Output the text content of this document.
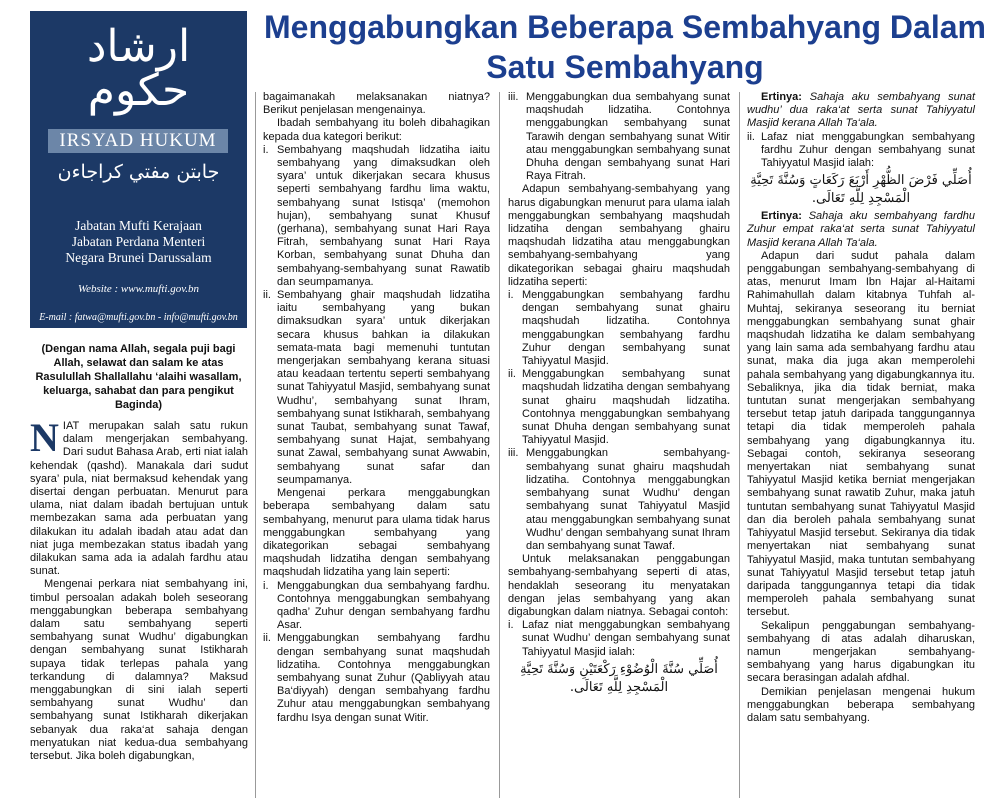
ارشاد حکوم
IRSYAD HUKUM
جابتن مفتي كراجاءن
Jabatan Mufti Kerajaan
Jabatan Perdana Menteri
Negara Brunei Darussalam
Website : www.mufti.gov.bn
E-mail : fatwa@mufti.gov.bn - info@mufti.gov.bn
Menggabungkan Beberapa Sembahyang Dalam Satu Sembahyang
(Dengan nama Allah, segala puji bagi Allah, selawat dan salam ke atas Rasulullah Shallallahu ‘alaihi wasallam, keluarga, sahabat dan para pengikut Baginda)

NIAT merupakan salah satu rukun dalam mengerjakan sembahyang. Dari sudut Bahasa Arab, erti niat ialah kehendak (qashd). Manakala dari sudut syara’ pula, niat bermaksud kehendak yang disertai dengan perbuatan. Menurut para ulama, niat dalam ibadah bertujuan untuk membezakan sama ada perbuatan yang dilakukan itu adalah ibadah atau adat dan niat juga membezakan status ibadah yang dilakukan sama ada ia adalah fardhu atau sunat.

Mengenai perkara niat sembahyang ini, timbul persoalan adakah boleh seseorang menggabungkan beberapa sembahyang dalam satu sembahyang seperti sembahyang sunat Wudhu’ digabungkan dengan sembahyang sunat Istikharah supaya tidak terlepas pahala yang terkandung di dalamnya? Maksud menggabungkan di sini ialah seperti sembahyang sunat Wudhu’ dan sembahyang sunat Istikharah dikerjakan sebanyak dua raka‘at sahaja dengan menyatukan niat kedua-dua sembahyang tersebut. Jika boleh digabungkan,

bagaimanakah melaksanakan niatnya? Berikut penjelasan mengenainya.

Ibadah sembahyang itu boleh dibahagikan kepada dua kategori berikut:

i. Sembahyang maqshudah lidzatiha iaitu sembahyang yang dimaksudkan oleh syara’ untuk dikerjakan secara khusus seperti sembahyang fardhu lima waktu, sembahyang sunat Istisqa’ (memohon hujan), sembahyang sunat Khusuf (gerhana), sembahyang sunat Hari Raya Fitrah, sembahyang sunat Hari Raya Korban, sembahyang sunat Dhuha dan sembahyang-sembahyang sunat Rawatib dan seumpamanya.
ii. Sembahyang ghair maqshudah lidzatiha iaitu sembahyang yang bukan dimaksudkan syara’ untuk dikerjakan secara khusus bahkan ia dilakukan semata-mata bagi memenuhi tuntutan mengerjakan sembahyang kerana situasi atau keadaan tertentu seperti sembahyang sunat Tahiyyatul Masjid, sembahyang sunat Wudhu’, sembahyang sunat Ihram, sembahyang sunat Istikharah, sembahyang sunat Taubat, sembahyang sunat Tawaf, sembahyang sunat Hajat, sembahyang sunat Zawal, sembahyang sunat Awwabin, sembahyang sunat safar dan seumpamanya.

Mengenai perkara menggabungkan beberapa sembahyang dalam satu sembahyang, menurut para ulama tidak harus menggabungkan sembahyang yang dikategorikan sebagai sembahyang maqshudah lidzatiha dengan sembahyang maqshudah lidzatiha yang lain seperti:

i. Menggabungkan dua sembahyang fardhu. Contohnya menggabungkan sembahyang qadha’ Zuhur dengan sembahyang fardhu Asar.
ii. Menggabungkan sembahyang fardhu dengan sembahyang sunat maqshudah lidzatiha. Contohnya menggabungkan sembahyang sunat Zuhur (Qabliyyah atau Ba‘diyyah) dengan sembahyang fardhu Zuhur atau menggabungkan sembahyang fardhu Isya dengan sunat Witir.
iii. Menggabungkan dua sembahyang sunat maqshudah lidzatiha. Contohnya menggabungkan sembahyang sunat Tarawih dengan sembahyang sunat Witir atau menggabungkan sembahyang sunat Dhuha dengan sembahyang sunat Hari Raya Fitrah.

Adapun sembahyang-sembahyang yang harus digabungkan menurut para ulama ialah menggabungkan sembahyang maqshudah lidzatiha dengan sembahyang ghairu maqshudah lidzatiha atau menggabungkan sembahyang-sembahyang yang dikategorikan sebagai ghairu maqshudah lidzatiha seperti:

i. Menggabungkan sembahyang fardhu dengan sembahyang sunat ghairu maqshudah lidzatiha. Contohnya menggabungkan sembahyang fardhu Zuhur dengan sembahyang sunat Tahiyyatul Masjid.
ii. Menggabungkan sembahyang sunat maqshudah lidzatiha dengan sembahyang sunat ghairu maqshudah lidzatiha. Contohnya menggabungkan sembahyang sunat Dhuha dengan sembahyang sunat Tahiyyatul Masjid.
iii. Menggabungkan sembahyang-sembahyang sunat ghairu maqshudah lidzatiha. Contohnya menggabungkan sembahyang sunat Wudhu’ dengan sembahyang sunat Tahiyyatul Masjid atau menggabungkan sembahyang sunat Wudhu’ dengan sembahyang sunat Ihram dan sembahyang sunat Tawaf.

Untuk melaksanakan penggabungan sembahyang-sembahyang seperti di atas, hendaklah seseorang itu menyatakan dengan jelas sembahyang yang akan digabungkan dalam niatnya. Sebagai contoh:

i. Lafaz niat menggabungkan sembahyang sunat Wudhu’ dengan sembahyang sunat Tahiyyatul Masjid ialah:

أُصَلِّي سُنَّةَ الْوُضُوْءِ رَكْعَتَيْنِ وَسُنَّةَ تَحِيَّةِ الْمَسْجِدِ لِلَّهِ تَعَالَى.

Ertinya: Sahaja aku sembahyang sunat wudhu’ dua raka‘at serta sunat Tahiyyatul Masjid kerana Allah Ta‘ala.

ii. Lafaz niat menggabungkan sembahyang fardhu Zuhur dengan sembahyang sunat Tahiyyatul Masjid ialah:

أُصَلِّي فَرْضَ الظُّهْرِ أَرْبَعَ رَكَعَاتٍ وَسُنَّةَ تَحِيَّةِ الْمَسْجِدِ لِلَّهِ تَعَالَى.

Ertinya: Sahaja aku sembahyang fardhu Zuhur empat raka‘at serta sunat Tahiyyatul Masjid kerana Allah Ta‘ala.

Adapun dari sudut pahala dalam penggabungan sembahyang-sembahyang di atas, menurut Imam Ibn Hajar al-Haitami Rahimahullah dalam kitabnya Tuhfah al-Muhtaj, sekiranya seseorang itu berniat menggabungkan sembahyang sunat ghair maqshudah lidzatiha ke dalam sembahyang yang lain sama ada sembahyang fardhu atau sunat, maka dia juga akan memperolehi pahala sembahyang yang digabungkannya itu. Sebaliknya, jika dia tidak berniat, maka tuntutan sunat mengerjakan sembahyang tersebut tetap jatuh daripada tanggungannya tetapi dia tidak memperoleh pahala sembahyang yang digabungkannya itu. Sebagai contoh, sekiranya seseorang menyertakan niat sembahyang sunat Tahiyyatul Masjid ketika berniat mengerjakan sembahyang sunat rawatib Zuhur, maka jatuh tuntutan sembahyang sunat Tahiyyatul Masjid dan dia beroleh pahala sembahyang sunat Tahiyyatul Masjid tersebut. Sekiranya dia tidak menyertakan niat sembahyang sunat Tahiyyatul Masjid, maka tuntutan sembahyang sunat Tahiyyatul Masjid tersebut tetap jatuh daripada tanggungannya tetapi dia tidak memperoleh pahala sembahyang sunat tersebut.

Sekalipun penggabungan sembahyang-sembahyang di atas adalah diharuskan, namun mengerjakan sembahyang-sembahyang yang harus digabungkan itu secara berasingan adalah afdhal.

Demikian penjelasan mengenai hukum menggabungkan beberapa sembahyang dalam satu sembahyang.
